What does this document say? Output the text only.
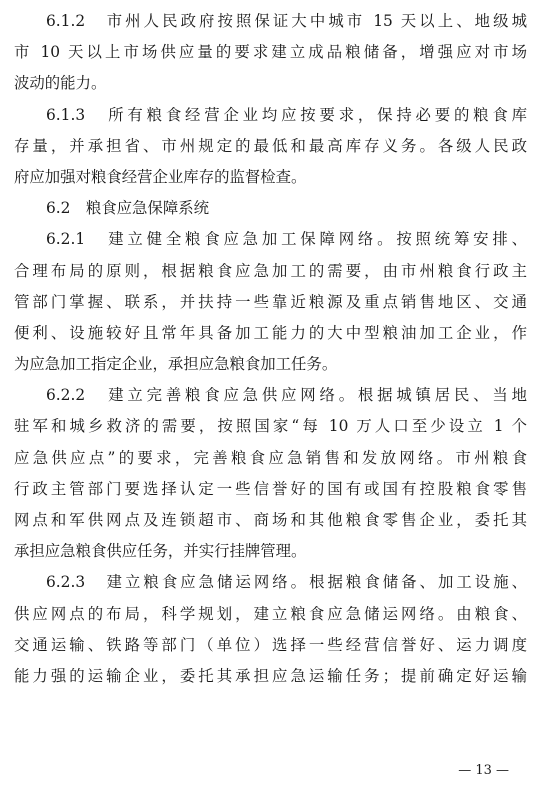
6.1.2　市州人民政府按照保证大中城市 15 天以上、地级城
市 10 天以上市场供应量的要求建立成品粮储备，增强应对市场
波动的能力。
6.1.3　所有粮食经营企业均应按要求，保持必要的粮食库
存量，并承担省、市州规定的最低和最高库存义务。各级人民政
府应加强对粮食经营企业库存的监督检查。
6.2　粮食应急保障系统
6.2.1　建立健全粮食应急加工保障网络。按照统筹安排、
合理布局的原则，根据粮食应急加工的需要，由市州粮食行政主
管部门掌握、联系，并扶持一些靠近粮源及重点销售地区、交通
便利、设施较好且常年具备加工能力的大中型粮油加工企业，作
为应急加工指定企业，承担应急粮食加工任务。
6.2.2　建立完善粮食应急供应网络。根据城镇居民、当地
驻军和城乡救济的需要，按照国家“每 10 万人口至少设立 1 个
应急供应点”的要求，完善粮食应急销售和发放网络。市州粮食
行政主管部门要选择认定一些信誉好的国有或国有控股粮食零售
网点和军供网点及连锁超市、商场和其他粮食零售企业，委托其
承担应急粮食供应任务，并实行挂牌管理。
6.2.3　建立粮食应急储运网络。根据粮食储备、加工设施、
供应网点的布局，科学规划，建立粮食应急储运网络。由粮食、
交通运输、铁路等部门（单位）选择一些经营信誉好、运力调度
能力强的运输企业，委托其承担应急运输任务；提前确定好运输
— 13 —
